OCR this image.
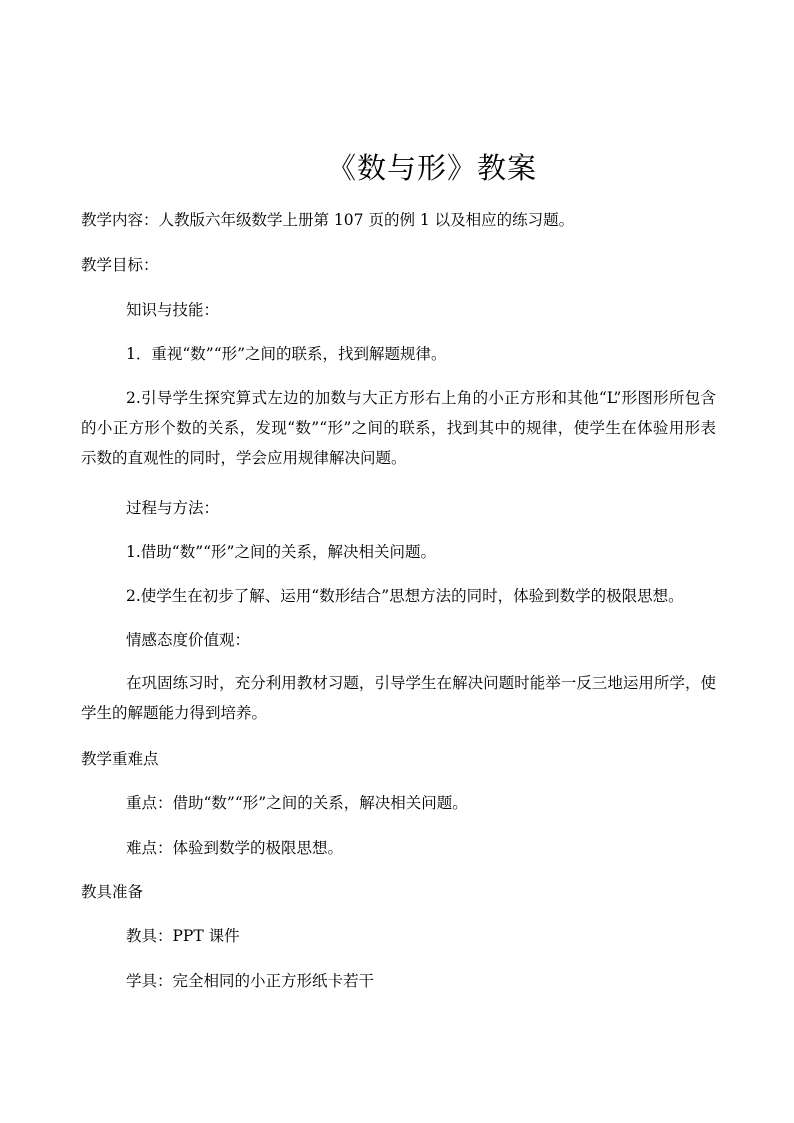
《数与形》教案
教学内容：人教版六年级数学上册第 107 页的例 1 以及相应的练习题。
教学目标：
知识与技能：
1．重视“数”“形”之间的联系，找到解题规律。
2.引导学生探究算式左边的加数与大正方形右上角的小正方形和其他“L”形图形所包含的小正方形个数的关系，发现“数”“形”之间的联系，找到其中的规律，使学生在体验用形表示数的直观性的同时，学会应用规律解决问题。
过程与方法：
1.借助“数”“形”之间的关系，解决相关问题。
2.使学生在初步了解、运用“数形结合”思想方法的同时，体验到数学的极限思想。
情感态度价值观：
在巩固练习时，充分利用教材习题，引导学生在解决问题时能举一反三地运用所学，使学生的解题能力得到培养。
教学重难点
重点：借助“数”“形”之间的关系，解决相关问题。
难点：体验到数学的极限思想。
教具准备
教具：PPT 课件
学具：完全相同的小正方形纸卡若干
